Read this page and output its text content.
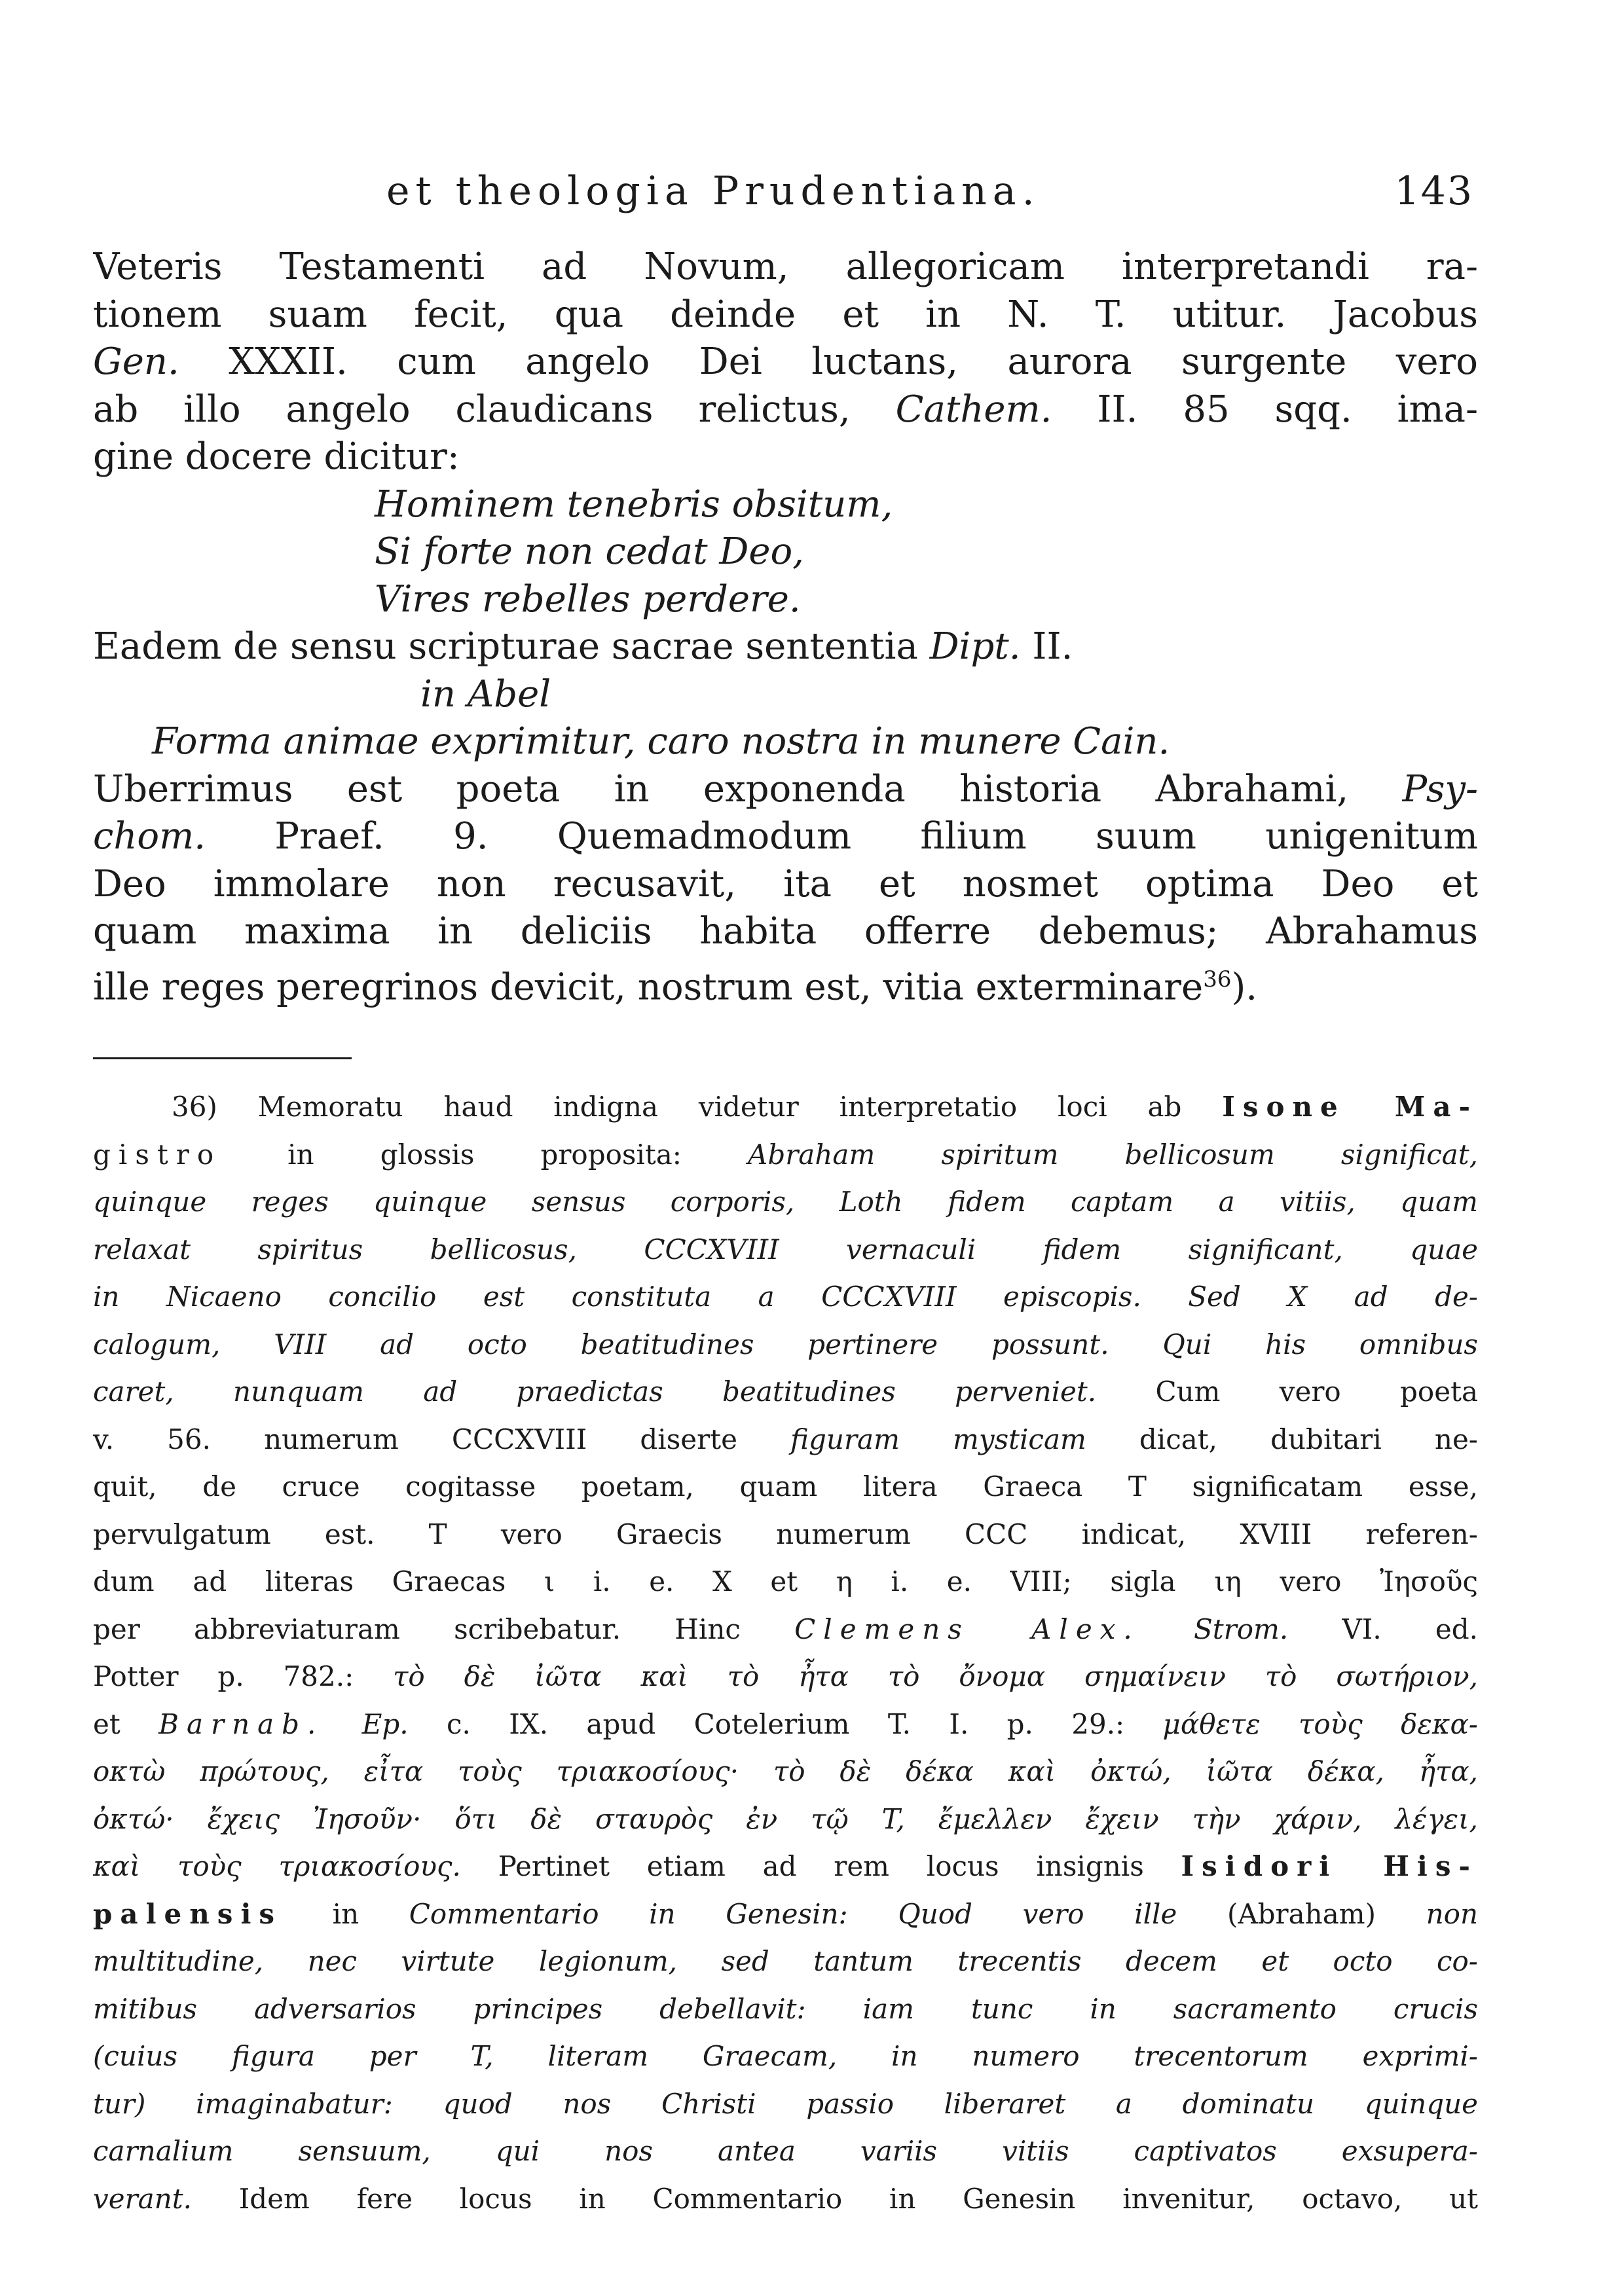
et theologia Prudentiana.	143
Veteris Testamenti ad Novum, allegoricam interpretandi ra-
tionem suam fecit, qua deinde et in N. T. utitur. Jacobus
Gen. XXXII. cum angelo Dei luctans, aurora surgente vero
ab illo angelo claudicans relictus, Cathem. II. 85 sqq. ima-
gine docere dicitur:
Hominem tenebris obsitum,
Si forte non cedat Deo,
Vires rebelles perdere.
Eadem de sensu scripturae sacrae sententia Dipt. II.
in Abel
Forma animae exprimitur, caro nostra in munere Cain.
Uberrimus est poeta in exponenda historia Abrahami, Psy-
chom. Praef. 9. Quemadmodum filium suum unigenitum
Deo immolare non recusavit, ita et nosmet optima Deo et
quam maxima in deliciis habita offerre debemus; Abrahamus
ille reges peregrinos devicit, nostrum est, vitia exterminare$^{36}$).
36) Memoratu haud indigna videtur interpretatio loci ab Isone Ma-
gistro in glossis proposita: Abraham spiritum bellicosum significat,
quinque reges quinque sensus corporis, Loth fidem captam a vitiis, quam
relaxat spiritus bellicosus, CCCXVIII vernaculi fidem significant, quae
in Nicaeno concilio est constituta a CCCXVIII episcopis. Sed X ad de-
calogum, VIII ad octo beatitudines pertinere possunt. Qui his omnibus
caret, nunquam ad praedictas beatitudines perveniet. Cum vero poeta
v. 56. numerum CCCXVIII diserte figuram mysticam dicat, dubitari ne-
quit, de cruce cogitasse poetam, quam litera Graeca T significatam esse,
pervulgatum est. T vero Graecis numerum CCC indicat, XVIII referen-
dum ad literas Graecas ι i. e. X et η i. e. VIII; sigla ιη vero Ἰησοῦς
per abbreviaturam scribebatur. Hinc Clemens Alex. Strom. VI. ed.
Potter p. 782.: τὸ δὲ ἰῶτα καὶ τὸ ἦτα τὸ ὄνομα σημαίνειν τὸ σωτήριον,
et Barnab. Ep. c. IX. apud Cotelerium T. I. p. 29.: μάθετε τοὺς δεκα-
οκτὼ πρώτους, εἶτα τοὺς τριακοσίους· τὸ δὲ δέκα καὶ ὀκτώ, ἰῶτα δέκα, ἦτα,
ὀκτώ· ἔχεις Ἰησοῦν· ὅτι δὲ σταυρὸς ἐν τῷ T, ἔμελλεν ἔχειν τὴν χάριν, λέγει,
καὶ τοὺς τριακοσίους. Pertinet etiam ad rem locus insignis Isidori His-
palensis in Commentario in Genesin: Quod vero ille (Abraham) non
multitudine, nec virtute legionum, sed tantum trecentis decem et octo co-
mitibus adversarios principes debellavit: iam tunc in sacramento crucis
(cuius figura per T, literam Graecam, in numero trecentorum exprimi-
tur) imaginabatur: quod nos Christi passio liberaret a dominatu quinque
carnalium sensuum, qui nos antea variis vitiis captivatos exsupera-
verant. Idem fere locus in Commentario in Genesin invenitur, octavo, ut
